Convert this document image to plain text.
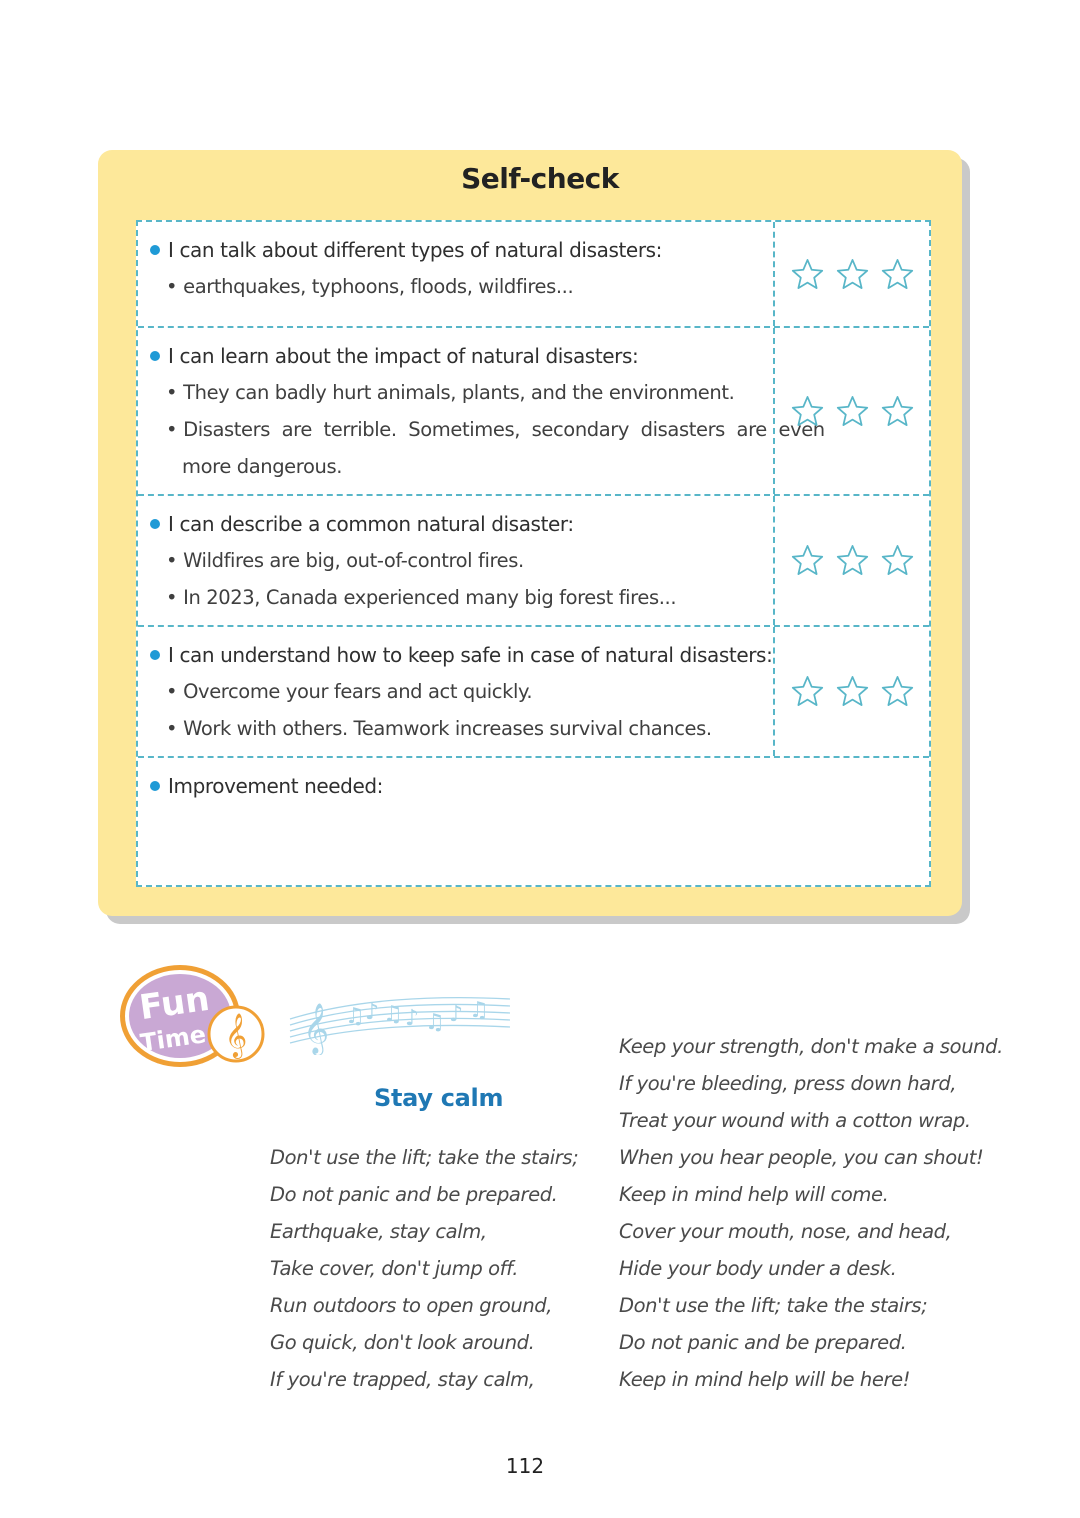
Self-check
I can talk about different types of natural disasters:
• earthquakes, typhoons, floods, wildfires...
I can learn about the impact of natural disasters:
• They can badly hurt animals, plants, and the environment.
• Disasters  are  terrible.  Sometimes,  secondary  disasters  are  even
more dangerous.
I can describe a common natural disaster:
• Wildfires are big, out-of-control fires.
• In 2023, Canada experienced many big forest fires...
I can understand how to keep safe in case of natural disasters:
• Overcome your fears and act quickly.
• Work with others. Teamwork increases survival chances.
Improvement needed:
𝄞
Fun
Time 𝄞 ♫ ♪ ♫ ♪ ♫ ♪ ♫
Stay calm
Don't use the lift; take the stairs;
Do not panic and be prepared.
Earthquake, stay calm,
Take cover, don't jump off.
Run outdoors to open ground,
Go quick, don't look around.
If you're trapped, stay calm,
Keep your strength, don't make a sound.
If you're bleeding, press down hard,
Treat your wound with a cotton wrap.
When you hear people, you can shout!
Keep in mind help will come.
Cover your mouth, nose, and head,
Hide your body under a desk.
Don't use the lift; take the stairs;
Do not panic and be prepared.
Keep in mind help will be here!
112
